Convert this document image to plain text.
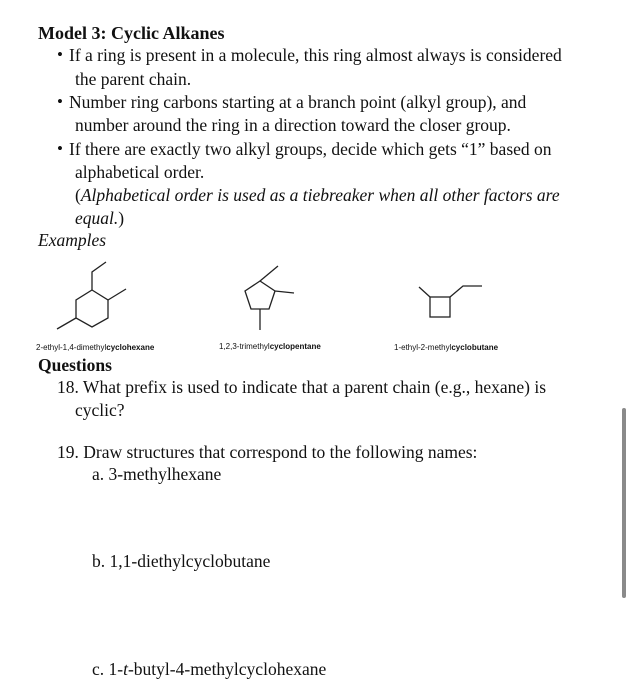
Model 3: Cyclic Alkanes
• If a ring is present in a molecule, this ring almost always is considered
the parent chain.
• Number ring carbons starting at a branch point (alkyl group), and
number around the ring in a direction toward the closer group.
• If there are exactly two alkyl groups, decide which gets “1” based on
alphabetical order.
(Alphabetical order is used as a tiebreaker when all other factors are
equal.)
Examples
2-ethyl-1,4-dimethylcyclohexane	1,2,3-trimethylcyclopentane	1-ethyl-2-methylcyclobutane
Questions
18. What prefix is used to indicate that a parent chain (e.g., hexane) is
cyclic?
19. Draw structures that correspond to the following names:
a. 3-methylhexane
b. 1,1-diethylcyclobutane
c. 1-t-butyl-4-methylcyclohexane
